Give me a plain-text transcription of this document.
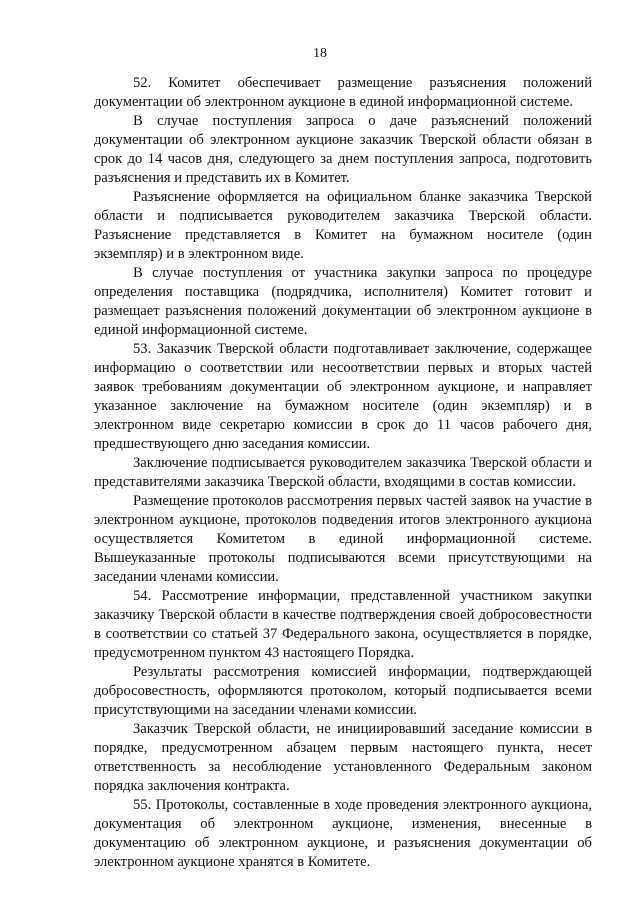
18

52. Комитет обеспечивает размещение разъяснения положений документации об электронном аукционе в единой информационной системе.

В случае поступления запроса о даче разъяснений положений документации об электронном аукционе заказчик Тверской области обязан в срок до 14 часов дня, следующего за днем поступления запроса, подготовить разъяснения и представить их в Комитет.

Разъяснение оформляется на официальном бланке заказчика Тверской области и подписывается руководителем заказчика Тверской области. Разъяснение представляется в Комитет на бумажном носителе (один экземпляр) и в электронном виде.

В случае поступления от участника закупки запроса по процедуре определения поставщика (подрядчика, исполнителя) Комитет готовит и размещает разъяснения положений документации об электронном аукционе в единой информационной системе.

53. Заказчик Тверской области подготавливает заключение, содержащее информацию о соответствии или несоответствии первых и вторых частей заявок требованиям документации об электронном аукционе, и направляет указанное заключение на бумажном носителе (один экземпляр) и в электронном виде секретарю комиссии в срок до 11 часов рабочего дня, предшествующего дню заседания комиссии.

Заключение подписывается руководителем заказчика Тверской области и представителями заказчика Тверской области, входящими в состав комиссии.

Размещение протоколов рассмотрения первых частей заявок на участие в электронном аукционе, протоколов подведения итогов электронного аукциона осуществляется Комитетом в единой информационной системе. Вышеуказанные протоколы подписываются всеми присутствующими на заседании членами комиссии.

54. Рассмотрение информации, представленной участником закупки заказчику Тверской области в качестве подтверждения своей добросовестности в соответствии со статьей 37 Федерального закона, осуществляется в порядке, предусмотренном пунктом 43 настоящего Порядка.

Результаты рассмотрения комиссией информации, подтверждающей добросовестность, оформляются протоколом, который подписывается всеми присутствующими на заседании членами комиссии.

Заказчик Тверской области, не инициировавший заседание комиссии в порядке, предусмотренном абзацем первым настоящего пункта, несет ответственность за несоблюдение установленного Федеральным законом порядка заключения контракта.

55. Протоколы, составленные в ходе проведения электронного аукциона, документация об электронном аукционе, изменения, внесенные в документацию об электронном аукционе, и разъяснения документации об электронном аукционе хранятся в Комитете.
